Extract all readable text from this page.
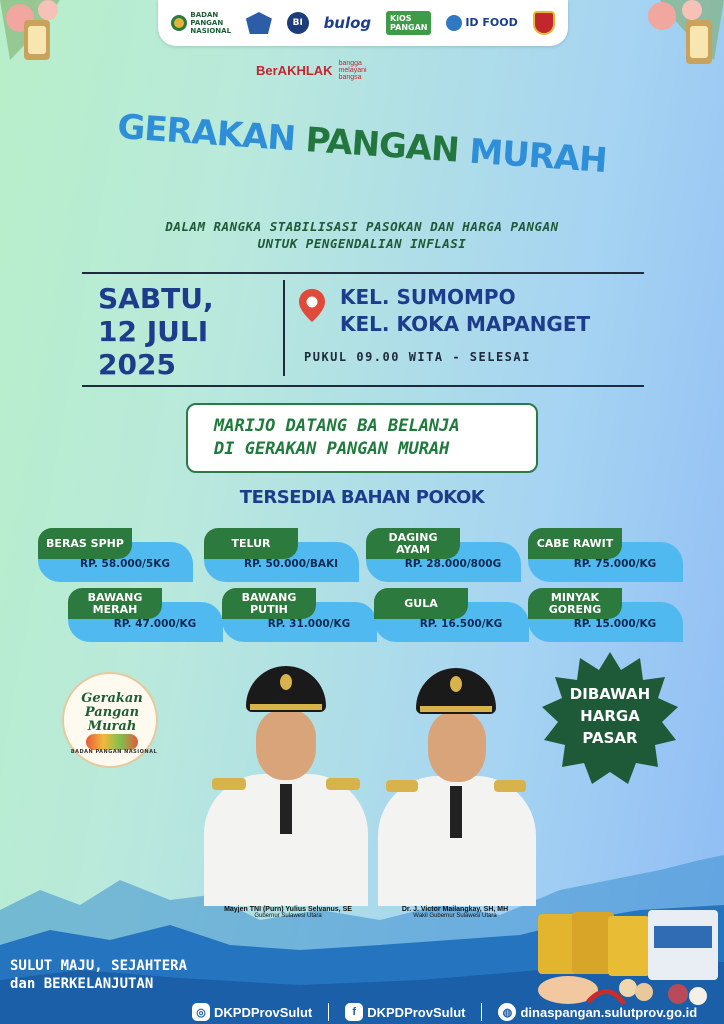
BADAN
PANGAN
NASIONAL
BI bulog KiOS
PANGAN	ID FOOD
BerAKHLAK bangga melayani bangsa
GERAKAN PANGAN MURAH
DALAM RANGKA STABILISASI PASOKAN DAN HARGA PANGAN
UNTUK PENGENDALIAN INFLASI
SABTU,
12 JULI
2025
KEL. SUMOMPO
KEL. KOKA MAPANGET
PUKUL 09.00 WITA - SELESAI
MARIJO DATANG BA BELANJA
DI GERAKAN PANGAN MURAH
TERSEDIA BAHAN POKOK
BERAS SPHP
RP. 58.000/5KG
TELUR
RP. 50.000/BAKI
DAGING AYAM
RP. 28.000/800G
CABE RAWIT
RP. 75.000/KG
BAWANG MERAH
RP. 47.000/KG
BAWANG PUTIH
RP. 31.000/KG
GULA
RP. 16.500/KG
MINYAK GORENG
RP. 15.000/KG
Gerakan Pangan Murah
BADAN PANGAN NASIONAL
DIBAWAH
HARGA
PASAR
Mayjen TNI (Purn) Yulius Selvanus, SE
Gubernur Sulawesi Utara
Dr. J. Victor Mailangkay, SH, MH
Wakil Gubernur Sulawesi Utara
SULUT MAJU, SEJAHTERA
dan BERKELANJUTAN
◎ DKPDProvSulut	f DKPDProvSulut	◍ dinaspangan.sulutprov.go.id
